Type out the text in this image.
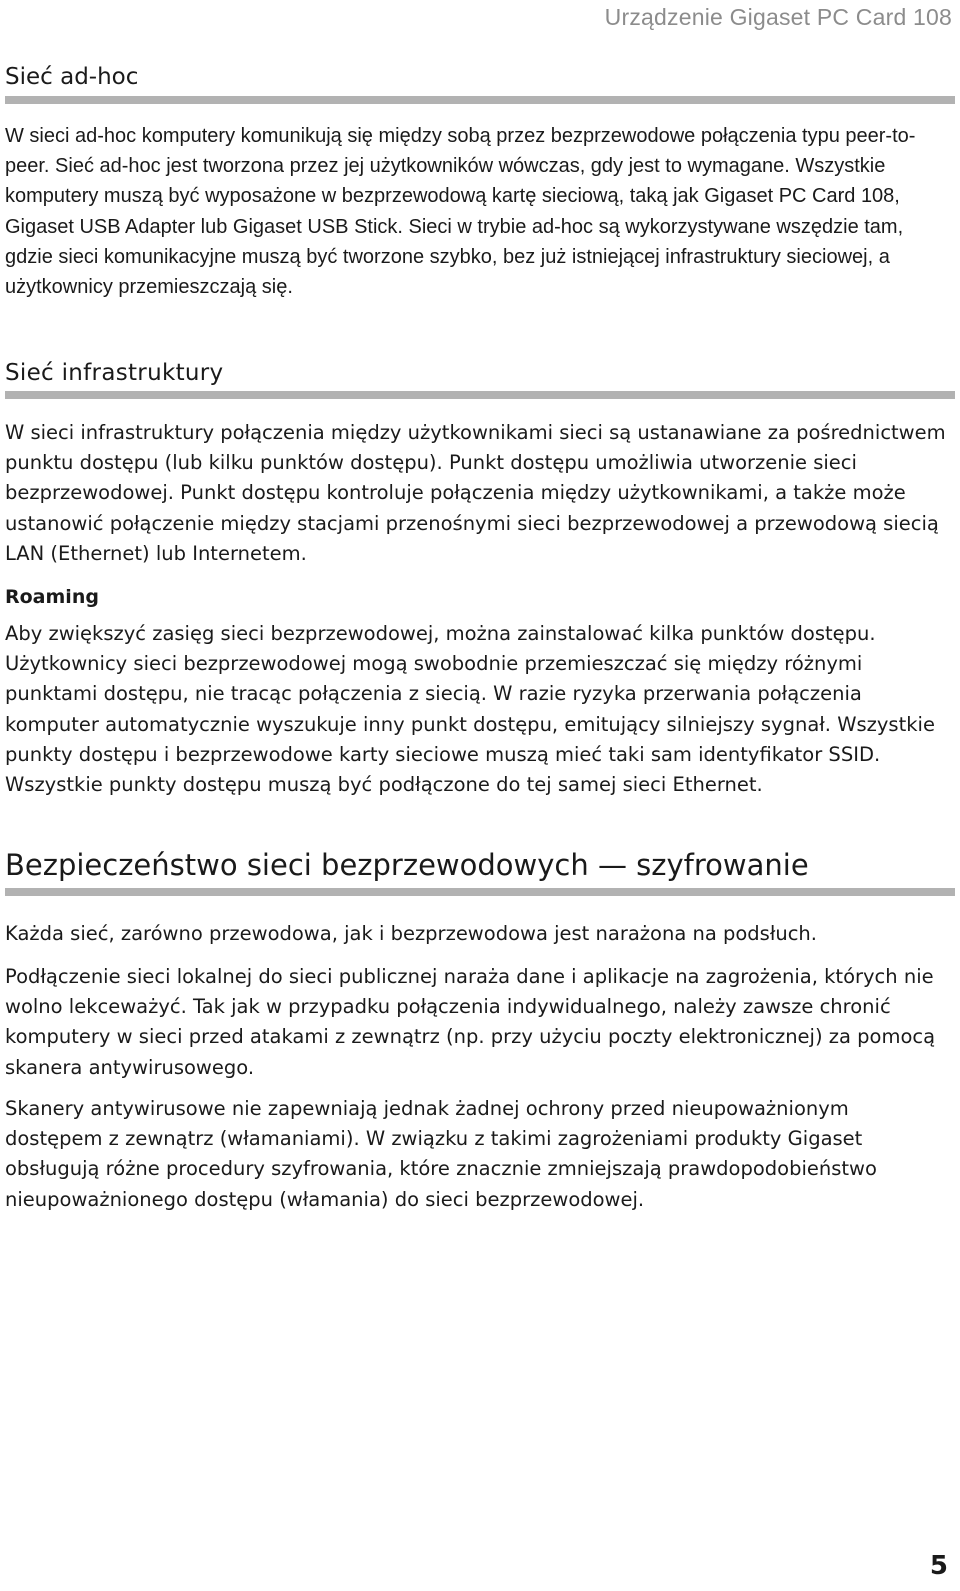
Urządzenie Gigaset PC Card 108
Sieć ad-hoc

W sieci ad-hoc komputery komunikują się między sobą przez bezprzewodowe połączenia typu peer-to-peer. Sieć ad-hoc jest tworzona przez jej użytkowników wówczas, gdy jest to wymagane. Wszystkie komputery muszą być wyposażone w bezprzewodową kartę sieciową, taką jak Gigaset PC Card 108, Gigaset USB Adapter lub Gigaset USB Stick. Sieci w trybie ad-hoc są wykorzystywane wszędzie tam, gdzie sieci komunikacyjne muszą być tworzone szybko, bez już istniejącej infrastruktury sieciowej, a użytkownicy przemieszczają się.

Sieć infrastruktury

W sieci infrastruktury połączenia między użytkownikami sieci są ustanawiane za pośrednictwem punktu dostępu (lub kilku punktów dostępu). Punkt dostępu umożliwia utworzenie sieci bezprzewodowej. Punkt dostępu kontroluje połączenia między użytkownikami, a także może ustanowić połączenie między stacjami przenośnymi sieci bezprzewodowej a przewodową siecią LAN (Ethernet) lub Internetem.

Roaming

Aby zwiększyć zasięg sieci bezprzewodowej, można zainstalować kilka punktów dostępu. Użytkownicy sieci bezprzewodowej mogą swobodnie przemieszczać się między różnymi punktami dostępu, nie tracąc połączenia z siecią. W razie ryzyka przerwania połączenia komputer automatycznie wyszukuje inny punkt dostępu, emitujący silniejszy sygnał. Wszystkie punkty dostępu i bezprzewodowe karty sieciowe muszą mieć taki sam identyfikator SSID. Wszystkie punkty dostępu muszą być podłączone do tej samej sieci Ethernet.

Bezpieczeństwo sieci bezprzewodowych — szyfrowanie

Każda sieć, zarówno przewodowa, jak i bezprzewodowa jest narażona na podsłuch.

Podłączenie sieci lokalnej do sieci publicznej naraża dane i aplikacje na zagrożenia, których nie wolno lekceważyć. Tak jak w przypadku połączenia indywidualnego, należy zawsze chronić komputery w sieci przed atakami z zewnątrz (np. przy użyciu poczty elektronicznej) za pomocą skanera antywirusowego.

Skanery antywirusowe nie zapewniają jednak żadnej ochrony przed nieupoważnionym dostępem z zewnątrz (włamaniami). W związku z takimi zagrożeniami produkty Gigaset obsługują różne procedury szyfrowania, które znacznie zmniejszają prawdopodobieństwo nieupoważnionego dostępu (włamania) do sieci bezprzewodowej.

5
